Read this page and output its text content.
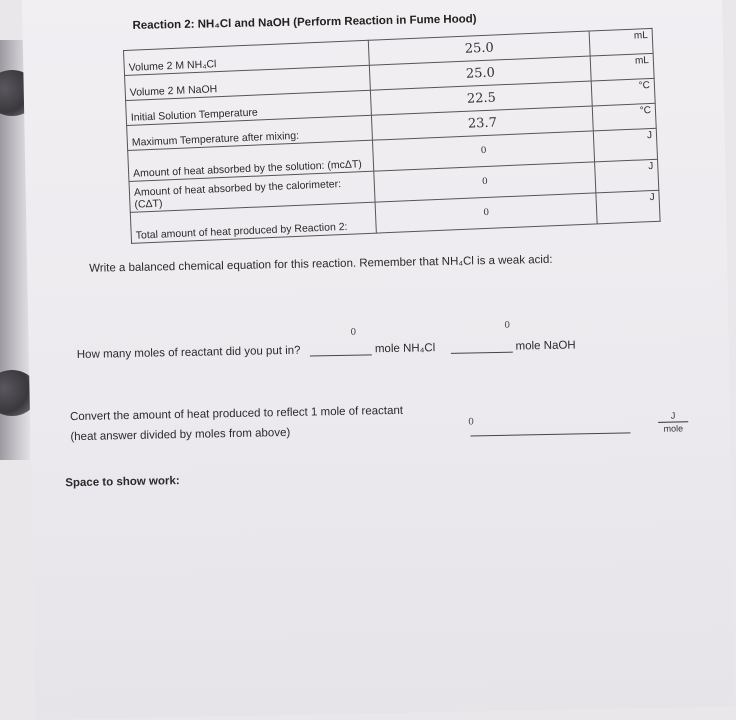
Reaction 2: NH₄Cl and NaOH (Perform Reaction in Fume Hood)
Volume 2 M NH₄Cl	25.0	mL
Volume 2 M NaOH	25.0	mL
Initial Solution Temperature	22.5	°C
Maximum Temperature after mixing:	23.7	°C
Amount of heat absorbed by the solution: (mcΔT)	0	J
Amount of heat absorbed by the calorimeter: (CΔT)	0	J
Total amount of heat produced by Reaction 2:	0	J
Write a balanced chemical equation for this reaction. Remember that NH₄Cl is a weak acid:
How many moles of reactant did you put in?	mole NH₄Cl	mole NaOH
0
0
Convert the amount of heat produced to reflect 1 mole of reactant
(heat answer divided by moles from above)
0
J
mole
Space to show work:
